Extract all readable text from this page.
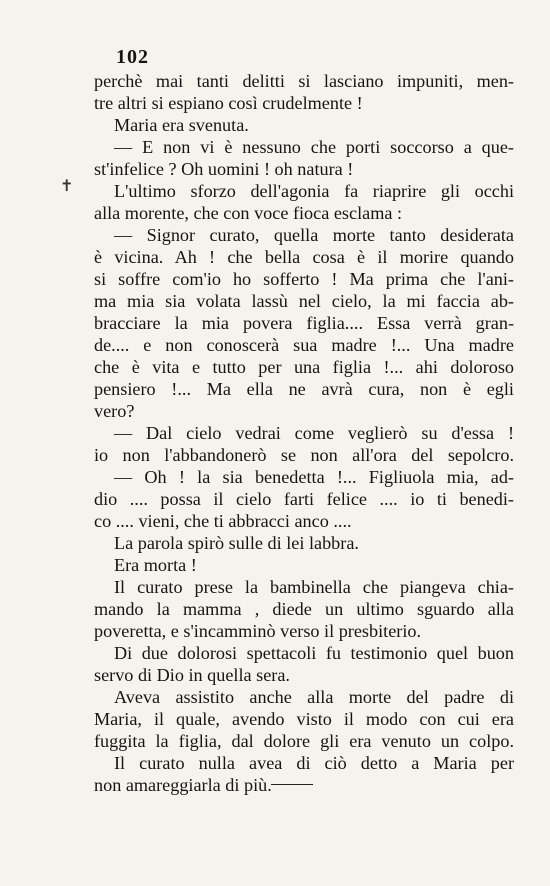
102
✝
perchè mai tanti delitti si lasciano impuniti, men-
tre altri si espiano così crudelmente !
Maria era svenuta.
— E non vi è nessuno che porti soccorso a que-
st'infelice ? Oh uomini ! oh natura !
L'ultimo sforzo dell'agonia fa riaprire gli occhi
alla morente, che con voce fioca esclama :
— Signor curato, quella morte tanto desiderata
è vicina. Ah ! che bella cosa è il morire quando
si soffre com'io ho sofferto ! Ma prima che l'ani-
ma mia sia volata lassù nel cielo, la mi faccia ab-
bracciare la mia povera figlia.... Essa verrà gran-
de.... e non conoscerà sua madre !... Una madre
che è vita e tutto per una figlia !... ahi doloroso
pensiero !... Ma ella ne avrà cura, non è egli
vero?
— Dal cielo vedrai come veglierò su d'essa !
io non l'abbandonerò se non all'ora del sepolcro.
— Oh ! la sia benedetta !... Figliuola mia, ad-
dio .... possa il cielo farti felice .... io ti benedi-
co .... vieni, che ti abbracci anco ....
La parola spirò sulle di lei labbra.
Era morta !
Il curato prese la bambinella che piangeva chia-
mando la mamma , diede un ultimo sguardo alla
poveretta, e s'incamminò verso il presbiterio.
Di due dolorosi spettacoli fu testimonio quel buon
servo di Dio in quella sera.
Aveva assistito anche alla morte del padre di
Maria, il quale, avendo visto il modo con cui era
fuggita la figlia, dal dolore gli era venuto un colpo.
Il curato nulla avea di ciò detto a Maria per
non amareggiarla di più.
